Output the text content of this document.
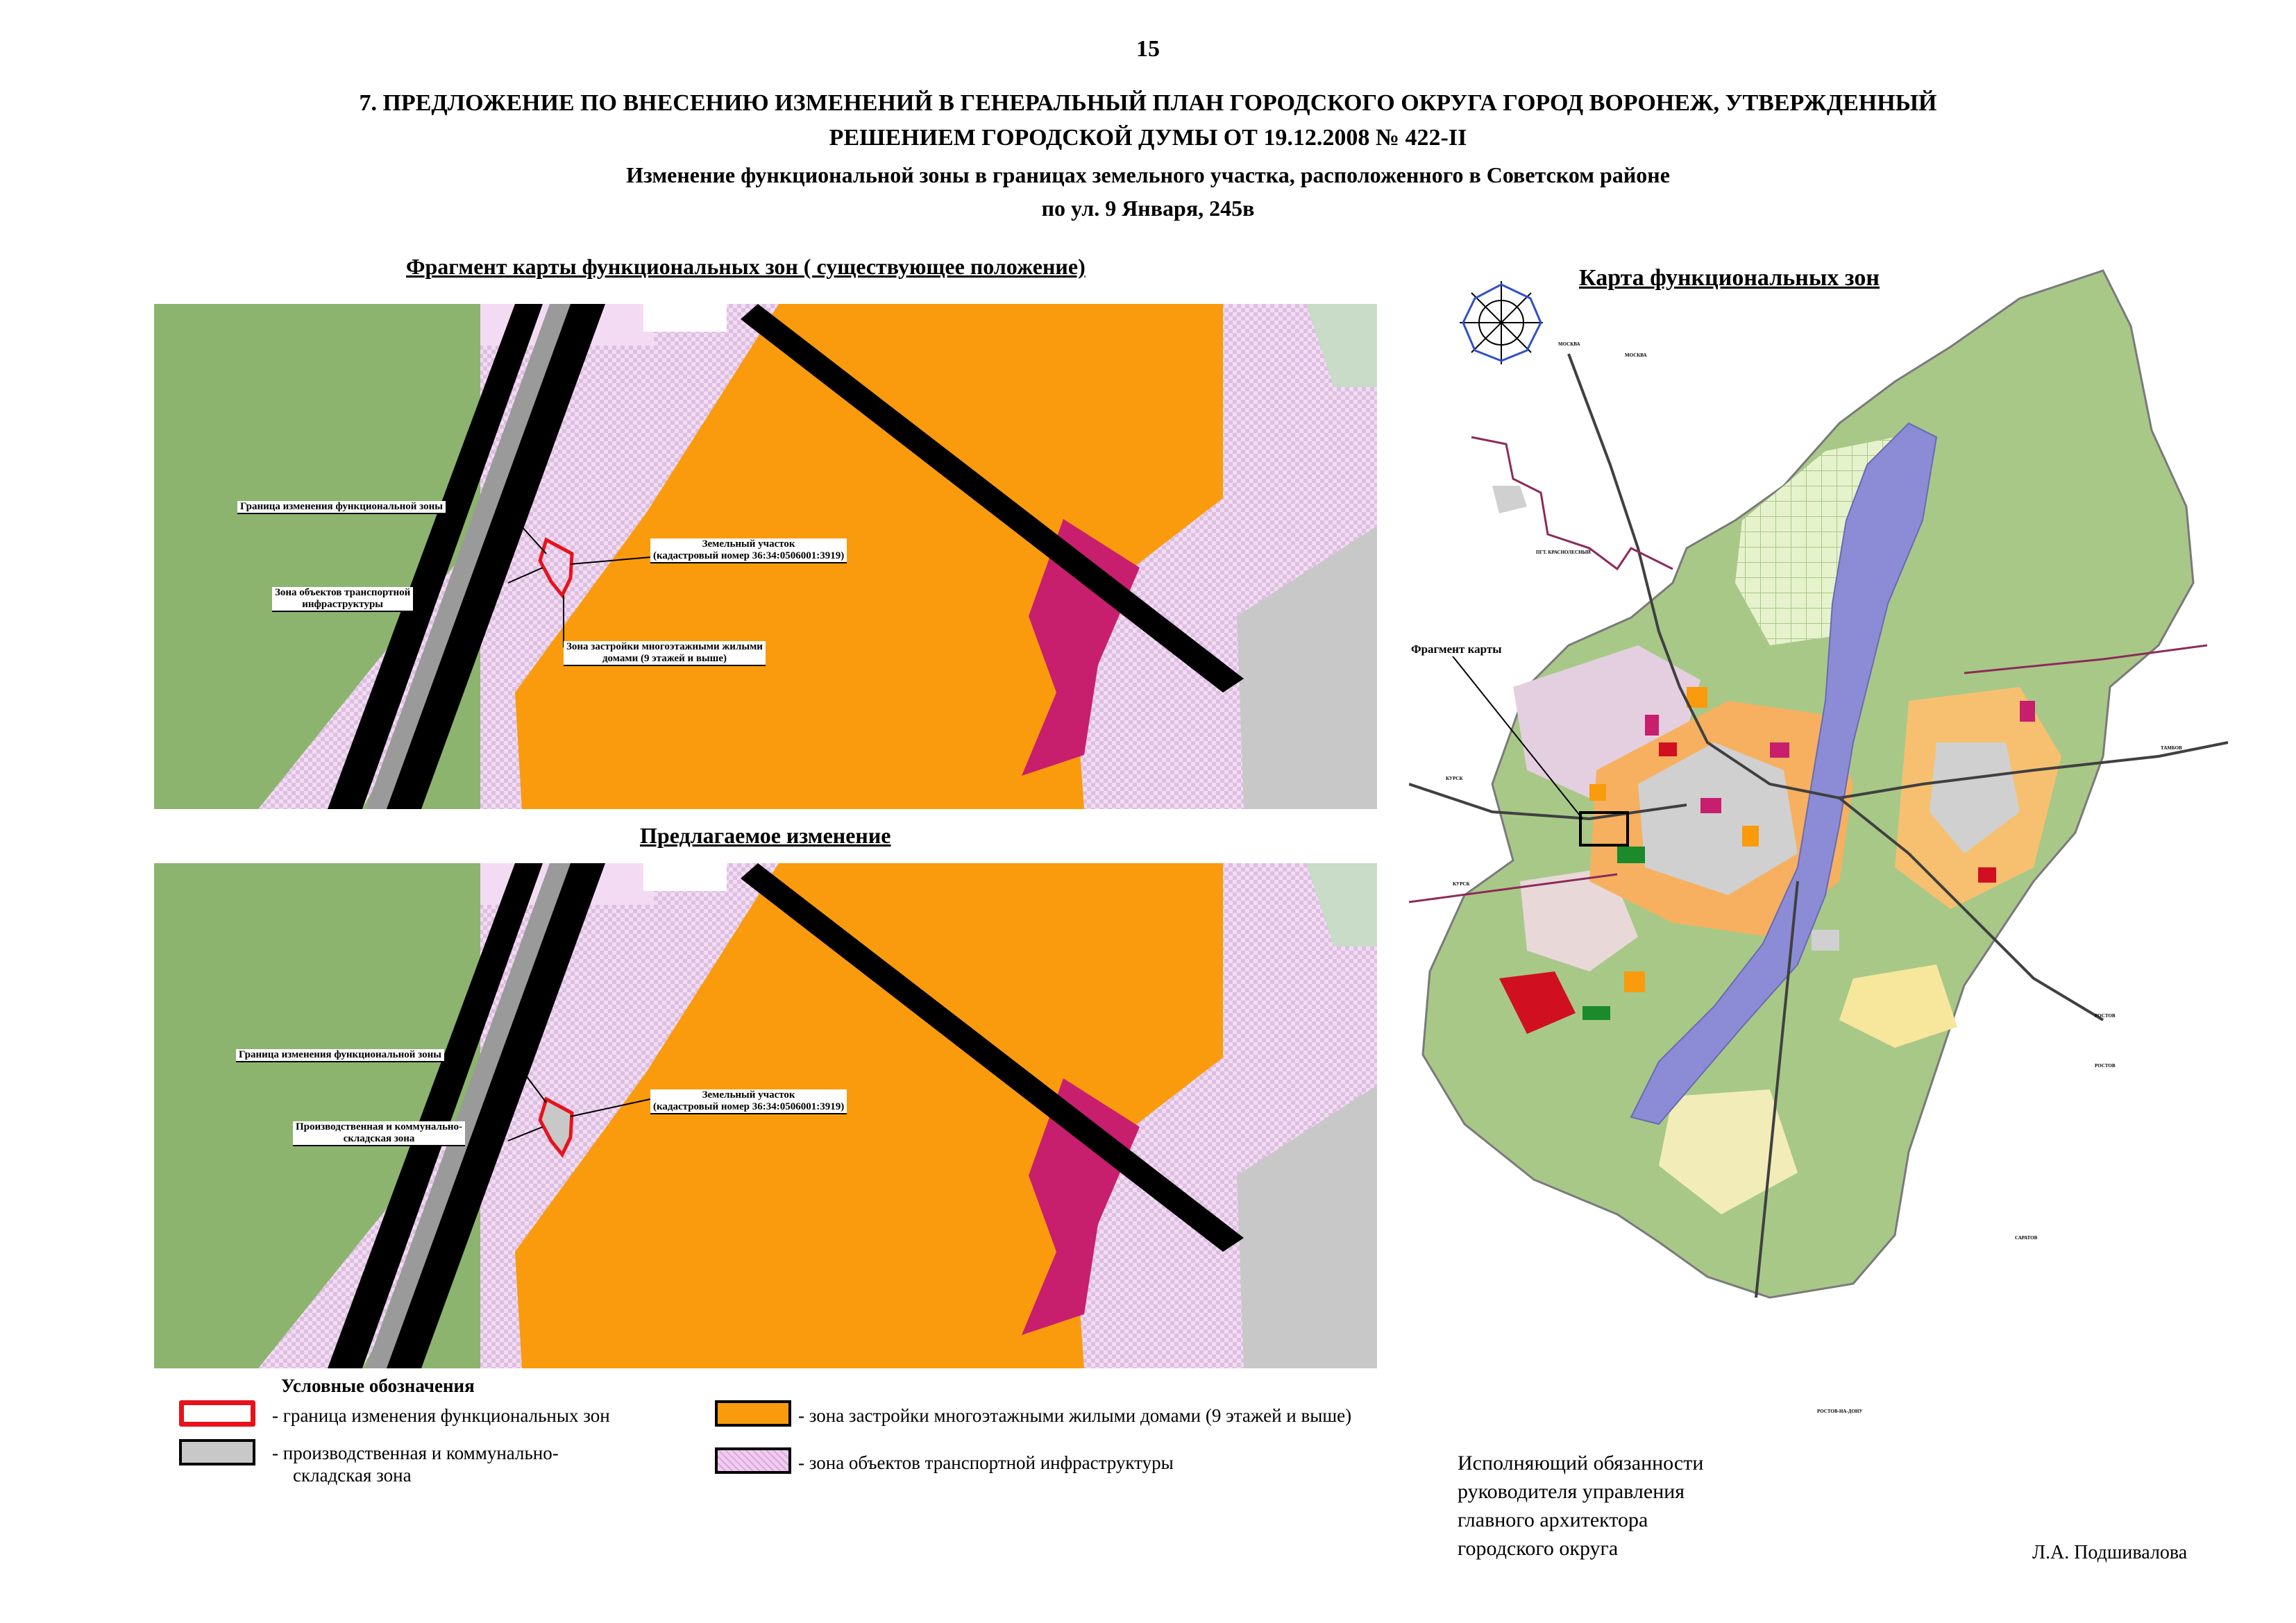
15
7. ПРЕДЛОЖЕНИЕ ПО ВНЕСЕНИЮ ИЗМЕНЕНИЙ В ГЕНЕРАЛЬНЫЙ ПЛАН ГОРОДСКОГО ОКРУГА ГОРОД ВОРОНЕЖ, УТВЕРЖДЕННЫЙ
РЕШЕНИЕМ ГОРОДСКОЙ ДУМЫ ОТ 19.12.2008 № 422-II
Изменение функциональной зоны в границах земельного участка, расположенного в Советском районе
по ул. 9 Января, 245в
Фрагмент карты функциональных зон ( существующее положение)
Граница изменения функциональной зоны
Зона объектов транспортной
инфраструктуры
Земельный участок
(кадастровый номер 36:34:0506001:3919)
Зона застройки многоэтажными жилыми
домами (9 этажей и выше)
Предлагаемое изменение
Граница изменения функциональной зоны
Производственная и коммунально-
складская зона
Земельный участок
(кадастровый номер 36:34:0506001:3919)
Фрагмент карты
МОСКВА
МОСКВА
ПГТ. КРАСНОЛЕСНЫЙ
КУРСК
КУРСК
ТАМБОВ
РОСТОВ
РОСТОВ
САРАТОВ
РОСТОВ-НА-ДОНУ
Карта функциональных зон
Условные обозначения
- граница изменения функциональных зон
- производственная и коммунально-
складская зона
- зона застройки многоэтажными жилыми домами (9 этажей и выше)
- зона объектов транспортной инфраструктуры	Исполняющий обязанности
руководителя управления
главного архитектора
городского округа	Л.А. Подшивалова
